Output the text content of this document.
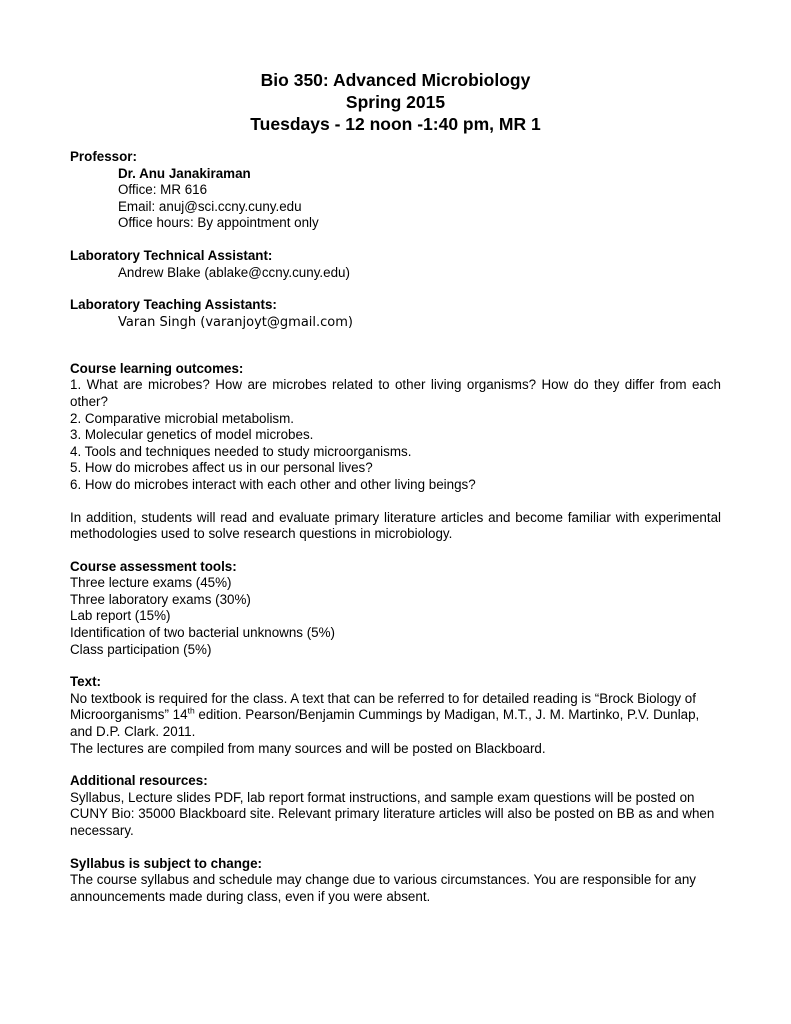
Bio 350: Advanced Microbiology
Spring 2015
Tuesdays - 12 noon -1:40 pm, MR 1

Professor:

Dr. Anu Janakiraman

Office: MR 616

Email: anuj@sci.ccny.cuny.edu

Office hours: By appointment only

Laboratory Technical Assistant:

Andrew Blake (ablake@ccny.cuny.edu)

Laboratory Teaching Assistants:

Varan Singh (varanjoyt@gmail.com)

Course learning outcomes:

1. What are microbes? How are microbes related to other living organisms? How do they differ from each other?

2. Comparative microbial metabolism.

3. Molecular genetics of model microbes.

4. Tools and techniques needed to study microorganisms.

5. How do microbes affect us in our personal lives?

6. How do microbes interact with each other and other living beings?

In addition, students will read and evaluate primary literature articles and become familiar with experimental methodologies used to solve research questions in microbiology.

Course assessment tools:

Three lecture exams (45%)

Three laboratory exams (30%)

Lab report (15%)

Identification of two bacterial unknowns (5%)

Class participation (5%)

Text:

No textbook is required for the class. A text that can be referred to for detailed reading is “Brock Biology of Microorganisms” 14th edition. Pearson/Benjamin Cummings by Madigan, M.T., J. M. Martinko, P.V. Dunlap, and D.P. Clark. 2011.

The lectures are compiled from many sources and will be posted on Blackboard.

Additional resources:

Syllabus, Lecture slides PDF, lab report format instructions, and sample exam questions will be posted on CUNY Bio: 35000 Blackboard site. Relevant primary literature articles will also be posted on BB as and when necessary.

Syllabus is subject to change:

The course syllabus and schedule may change due to various circumstances. You are responsible for any announcements made during class, even if you were absent.
